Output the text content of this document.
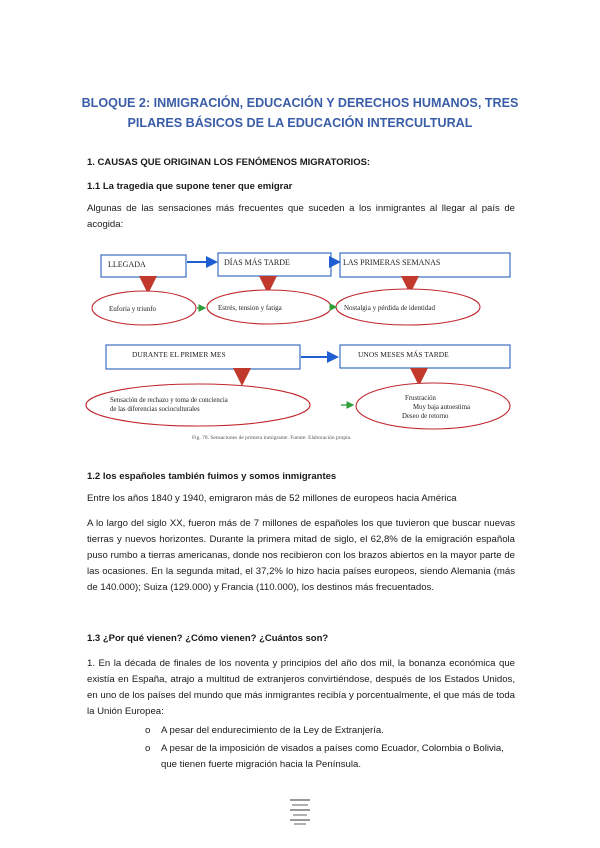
BLOQUE 2: INMIGRACIÓN, EDUCACIÓN Y DERECHOS HUMANOS, TRES
PILARES BÁSICOS DE LA EDUCACIÓN INTERCULTURAL
1. CAUSAS QUE ORIGINAN LOS FENÓMENOS MIGRATORIOS:
1.1 La tragedia que supone tener que emigrar
Algunas de las sensaciones más frecuentes que suceden a los inmigrantes al llegar al país de acogida:
LLEGADA	DÍAS MÁS TARDE	LAS PRIMERAS SEMANAS
Euforia y triunfo	Estrés, tension y fatiga	Nostalgia y pérdida de identidad
DURANTE EL PRIMER MES	UNOS MESES MÁS TARDE
Sensación de rechazo y toma de conciencia
de las diferencias socioculturales
Frustración
Muy baja autoestima
Deseo de retorno
Fig. 78. Sensaciones de primera inmigrante. Fuente: Elaboración propia.
1.2 los españoles también fuimos y somos inmigrantes
Entre los años 1840 y 1940, emigraron más de 52 millones de europeos hacia América
A lo largo del siglo XX, fueron más de 7 millones de españoles los que tuvieron que buscar nuevas tierras y nuevos horizontes. Durante la primera mitad de siglo, el 62,8% de la emigración española puso rumbo a tierras americanas, donde nos recibieron con los brazos abiertos en la mayor parte de las ocasiones. En la segunda mitad, el 37,2% lo hizo hacia países europeos, siendo Alemania (más de 140.000); Suiza (129.000) y Francia (110.000), los destinos más frecuentados.
1.3 ¿Por qué vienen? ¿Cómo vienen? ¿Cuántos son?
1. En la década de finales de los noventa y principios del año dos mil, la bonanza económica que existía en España, atrajo a multitud de extranjeros convirtiéndose, después de los Estados Unidos, en uno de los países del mundo que más inmigrantes recibía y porcentualmente, el que más de toda la Unión Europea:
o A pesar del endurecimiento de la Ley de Extranjería.
o A pesar de la imposición de visados a países como Ecuador, Colombia o Bolivia, que tienen fuerte migración hacia la Península.
